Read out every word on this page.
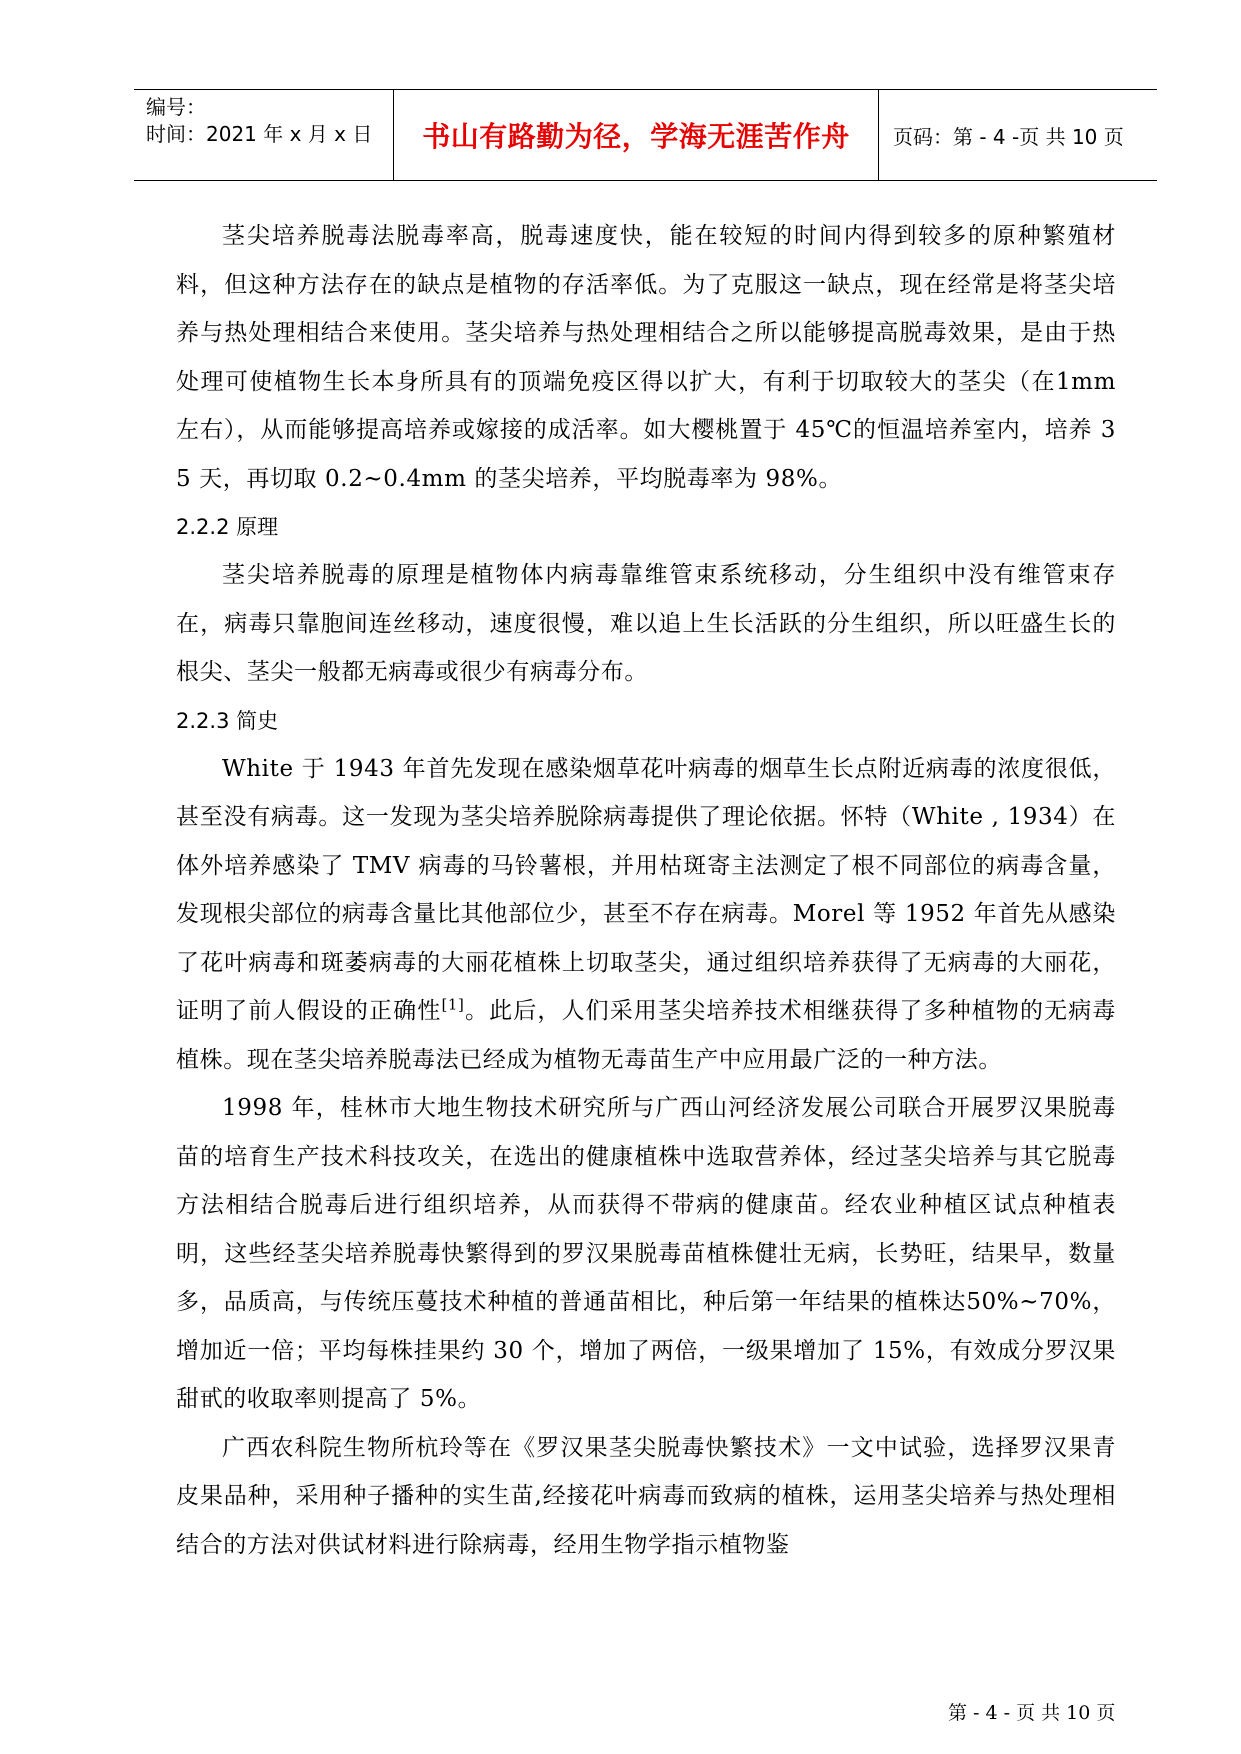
编号：
时间：2021 年 x 月 x 日	书山有路勤为径，学海无涯苦作舟 页码：第 - 4 -页 共 10 页

茎尖培养脱毒法脱毒率高，脱毒速度快，能在较短的时间内得到较多的原种繁殖材料，但这种方法存在的缺点是植物的存活率低。为了克服这一缺点，现在经常是将茎尖培养与热处理相结合来使用。茎尖培养与热处理相结合之所以能够提高脱毒效果，是由于热处理可使植物生长本身所具有的顶端免疫区得以扩大，有利于切取较大的茎尖（在1mm 左右），从而能够提高培养或嫁接的成活率。如大樱桃置于 45℃的恒温培养室内，培养 35 天，再切取 0.2~0.4mm 的茎尖培养，平均脱毒率为 98%。

2.2.2 原理

茎尖培养脱毒的原理是植物体内病毒靠维管束系统移动，分生组织中没有维管束存在，病毒只靠胞间连丝移动，速度很慢，难以追上生长活跃的分生组织，所以旺盛生长的根尖、茎尖一般都无病毒或很少有病毒分布。

2.2.3 简史

White 于 1943 年首先发现在感染烟草花叶病毒的烟草生长点附近病毒的浓度很低，甚至没有病毒。这一发现为茎尖培养脱除病毒提供了理论依据。怀特（White , 1934）在体外培养感染了 TMV 病毒的马铃薯根，并用枯斑寄主法测定了根不同部位的病毒含量，发现根尖部位的病毒含量比其他部位少，甚至不存在病毒。Morel 等 1952 年首先从感染了花叶病毒和斑萎病毒的大丽花植株上切取茎尖，通过组织培养获得了无病毒的大丽花，证明了前人假设的正确性[1]。此后，人们采用茎尖培养技术相继获得了多种植物的无病毒植株。现在茎尖培养脱毒法已经成为植物无毒苗生产中应用最广泛的一种方法。

1998 年，桂林市大地生物技术研究所与广西山河经济发展公司联合开展罗汉果脱毒苗的培育生产技术科技攻关，在选出的健康植株中选取营养体，经过茎尖培养与其它脱毒方法相结合脱毒后进行组织培养，从而获得不带病的健康苗。经农业种植区试点种植表明，这些经茎尖培养脱毒快繁得到的罗汉果脱毒苗植株健壮无病，长势旺，结果早，数量多，品质高，与传统压蔓技术种植的普通苗相比，种后第一年结果的植株达50%~70%，增加近一倍；平均每株挂果约 30 个，增加了两倍，一级果增加了 15%，有效成分罗汉果甜甙的收取率则提高了 5%。

广西农科院生物所杭玲等在《罗汉果茎尖脱毒快繁技术》一文中试验，选择罗汉果青皮果品种，采用种子播种的实生苗,经接花叶病毒而致病的植株，运用茎尖培养与热处理相结合的方法对供试材料进行除病毒，经用生物学指示植物鉴

第 - 4 - 页 共 10 页
